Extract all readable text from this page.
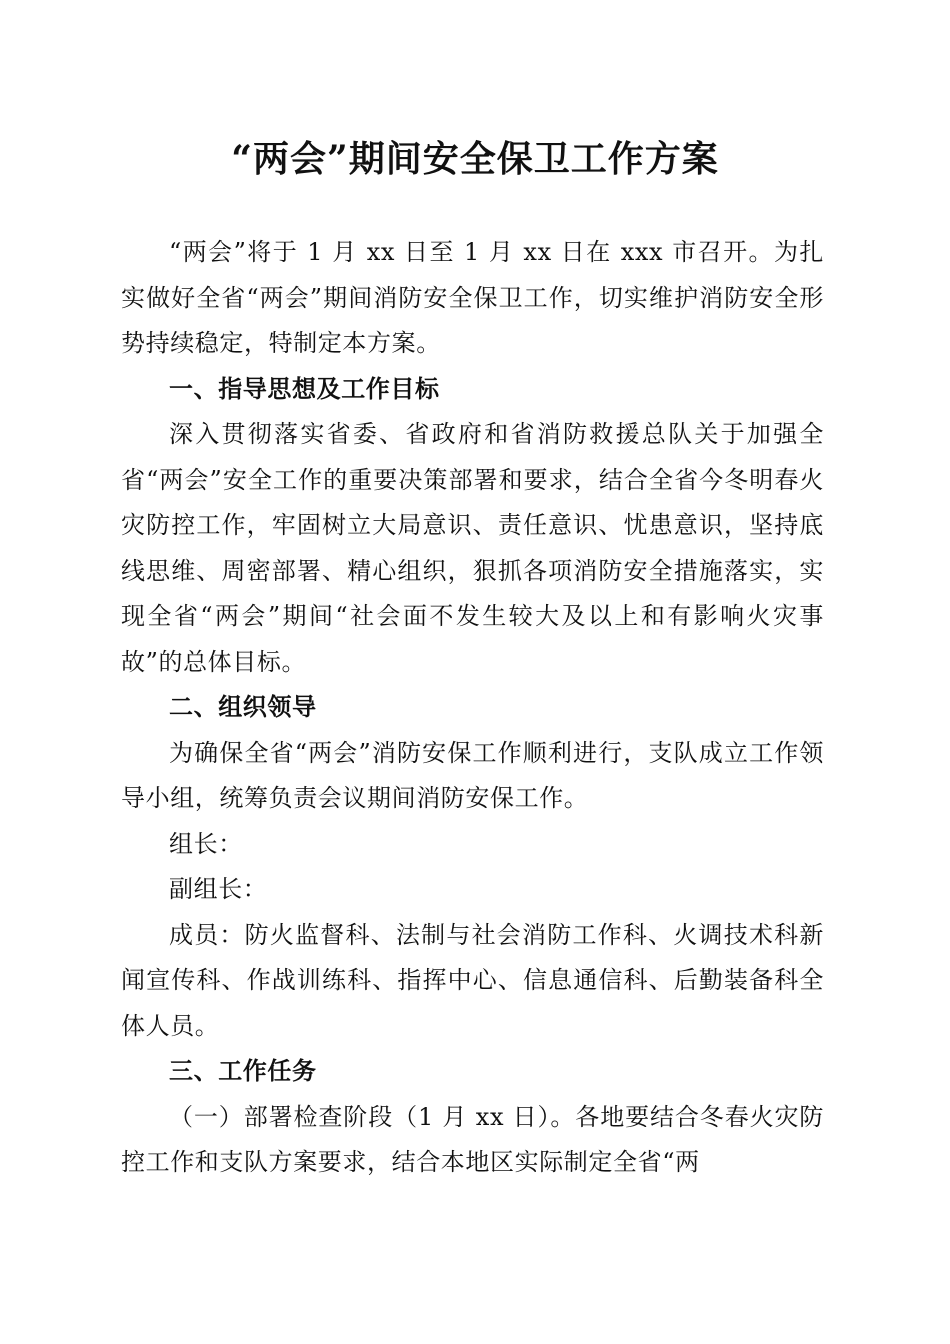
“两会”期间安全保卫工作方案

“两会”将于 1 月 xx 日至 1 月 xx 日在 xxx 市召开。为扎实做好全省“两会”期间消防安全保卫工作，切实维护消防安全形势持续稳定，特制定本方案。

一、指导思想及工作目标

深入贯彻落实省委、省政府和省消防救援总队关于加强全省“两会”安全工作的重要决策部署和要求，结合全省今冬明春火灾防控工作，牢固树立大局意识、责任意识、忧患意识，坚持底线思维、周密部署、精心组织，狠抓各项消防安全措施落实，实现全省“两会”期间“社会面不发生较大及以上和有影响火灾事故”的总体目标。

二、组织领导

为确保全省“两会”消防安保工作顺利进行，支队成立工作领导小组，统筹负责会议期间消防安保工作。

组长：

副组长：

成员：防火监督科、法制与社会消防工作科、火调技术科新闻宣传科、作战训练科、指挥中心、信息通信科、后勤装备科全体人员。

三、工作任务

（一）部署检查阶段（1 月 xx 日）。各地要结合冬春火灾防控工作和支队方案要求，结合本地区实际制定全省“两
